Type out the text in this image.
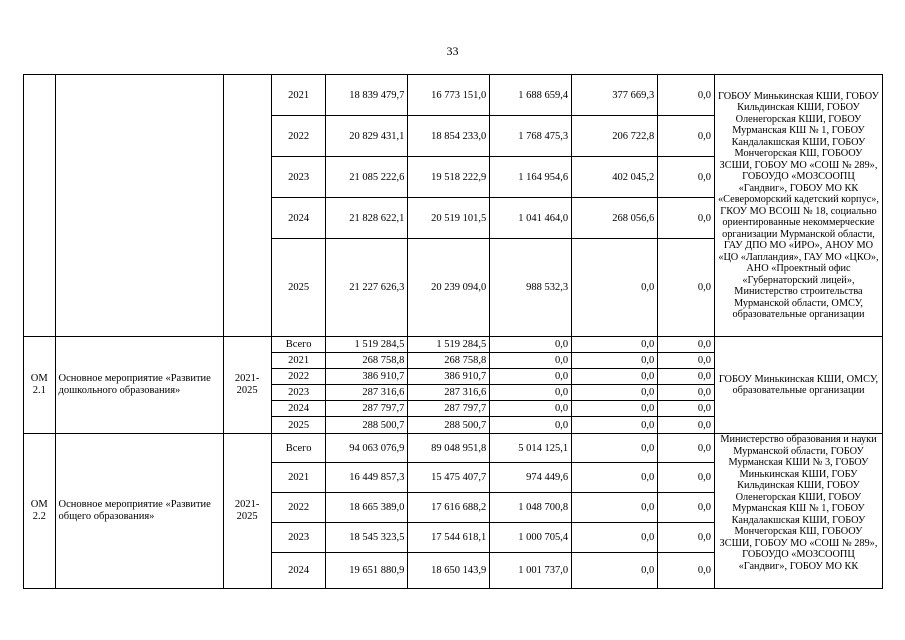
33
			2021	18 839 479,7	16 773 151,0	1 688 659,4	377 669,3	0,0	ГОБОУ Минькинская КШИ, ГОБОУ Кильдинская КШИ, ГОБОУ Оленегорская КШИ, ГОБОУ Мурманская КШ № 1, ГОБОУ Кандалакшская КШИ, ГОБОУ Мончегорская КШ, ГОБООУ ЗСШИ, ГОБОУ МО «СОШ № 289», ГОБОУДО «МОЗСООПЦ «Гандвиг», ГОБОУ МО КК «Североморский кадетский корпус», ГКОУ МО ВСОШ № 18, социально ориентированные некоммерческие организации Мурманской области, ГАУ ДПО МО «ИРО», АНОУ МО «ЦО «Лапландия», ГАУ МО «ЦКО», АНО «Проектный офис «Губернаторский лицей», Министерство строительства Мурманской области, ОМСУ, образовательные организации
			2022	20 829 431,1	18 854 233,0	1 768 475,3	206 722,8	0,0	
			2023	21 085 222,6	19 518 222,9	1 164 954,6	402 045,2	0,0	
			2024	21 828 622,1	20 519 101,5	1 041 464,0	268 056,6	0,0	
			2025	21 227 626,3	20 239 094,0	988 532,3	0,0	0,0	
ОМ 2.1	Основное мероприятие «Развитие дошкольного образования»	2021-2025	Всего	1 519 284,5	1 519 284,5	0,0	0,0	0,0	ГОБОУ Минькинская КШИ, ОМСУ, образовательные организации
			2021	268 758,8	268 758,8	0,0	0,0	0,0	
			2022	386 910,7	386 910,7	0,0	0,0	0,0	
			2023	287 316,6	287 316,6	0,0	0,0	0,0	
			2024	287 797,7	287 797,7	0,0	0,0	0,0	
			2025	288 500,7	288 500,7	0,0	0,0	0,0	
ОМ 2.2	Основное мероприятие «Развитие общего образования»	2021-2025	Всего	94 063 076,9	89 048 951,8	5 014 125,1	0,0	0,0	Министерство образования и науки Мурманской области, ГОБОУ Мурманская КШИ № 3, ГОБОУ Минькинская КШИ, ГОБУ Кильдинская КШИ, ГОБОУ Оленегорская КШИ, ГОБОУ Мурманская КШ № 1, ГОБОУ Кандалакшская КШИ, ГОБОУ Мончегорская КШ, ГОБООУ ЗСШИ, ГОБОУ МО «СОШ № 289», ГОБОУДО «МОЗСООПЦ «Гандвиг», ГОБОУ МО КК
			2021	16 449 857,3	15 475 407,7	974 449,6	0,0	0,0	
			2022	18 665 389,0	17 616 688,2	1 048 700,8	0,0	0,0	
			2023	18 545 323,5	17 544 618,1	1 000 705,4	0,0	0,0	
			2024	19 651 880,9	18 650 143,9	1 001 737,0	0,0	0,0	
